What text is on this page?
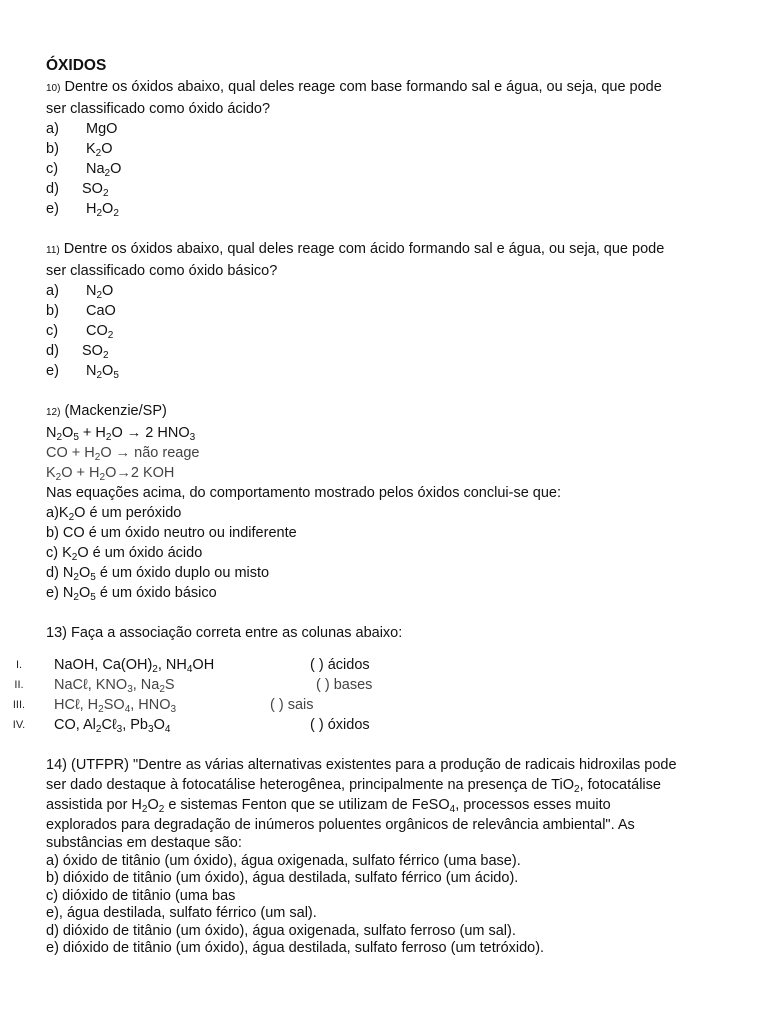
ÓXIDOS
10) Dentre os óxidos abaixo, qual deles reage com base formando sal e água, ou seja, que pode
ser classificado como óxido ácido?
a)	MgO
b)	$K_2O$
c)	$Na_2O$
d)	$SO_2$
e)	$H_2O_2$
11) Dentre os óxidos abaixo, qual deles reage com ácido formando sal e água, ou seja, que pode
ser classificado como óxido básico?
a)	$N_2O$
b)	CaO
c)	$CO_2$
d)	$SO_2$
e)	$N_2O_5$
12) (Mackenzie/SP)
$N_2O_5 + H_2O \to 2$ $HNO_3$
CO + $H_2O$ → não reage
$K_2O + H_2O\to 2$ KOH
Nas equações acima, do comportamento mostrado pelos óxidos conclui-se que:
$a)K_2O$ é um peróxido
b) CO é um óxido neutro ou indiferente
c) $K_2O$ é um óxido ácido
d) $N_2O_5$ é um óxido duplo ou misto
e) $N_2O_5$ é um óxido básico
13) Faça a associação correta entre as colunas abaixo:
I.	NaOH, $Ca(OH)_2$, $NH_4OH$	( ) ácidos
II.	NaCℓ, $KNO_3$, $Na_2S$	( ) bases
III.	HCℓ, $H_2SO_4$, $HNO_3$	( ) sais
IV.	CO, $Al_2C\ell_3$, $Pb_3O_4$	( ) óxidos
14) (UTFPR) "Dentre as várias alternativas existentes para a produção de radicais hidroxilas pode
ser dado destaque à fotocatálise heterogênea, principalmente na presença de TiO$_2$, fotocatálise
assistida por $H_2O_2$ e sistemas Fenton que se utilizam de FeSO$_4$, processos esses muito
explorados para degradação de inúmeros poluentes orgânicos de relevância ambiental". As
substâncias em destaque são:
a) óxido de titânio (um óxido), água oxigenada, sulfato férrico (uma base).
b) dióxido de titânio (um óxido), água destilada, sulfato férrico (um ácido).
c) dióxido de titânio (uma bas
e), água destilada, sulfato férrico (um sal).
d) dióxido de titânio (um óxido), água oxigenada, sulfato ferroso (um sal).
e) dióxido de titânio (um óxido), água destilada, sulfato ferroso (um tetróxido).
